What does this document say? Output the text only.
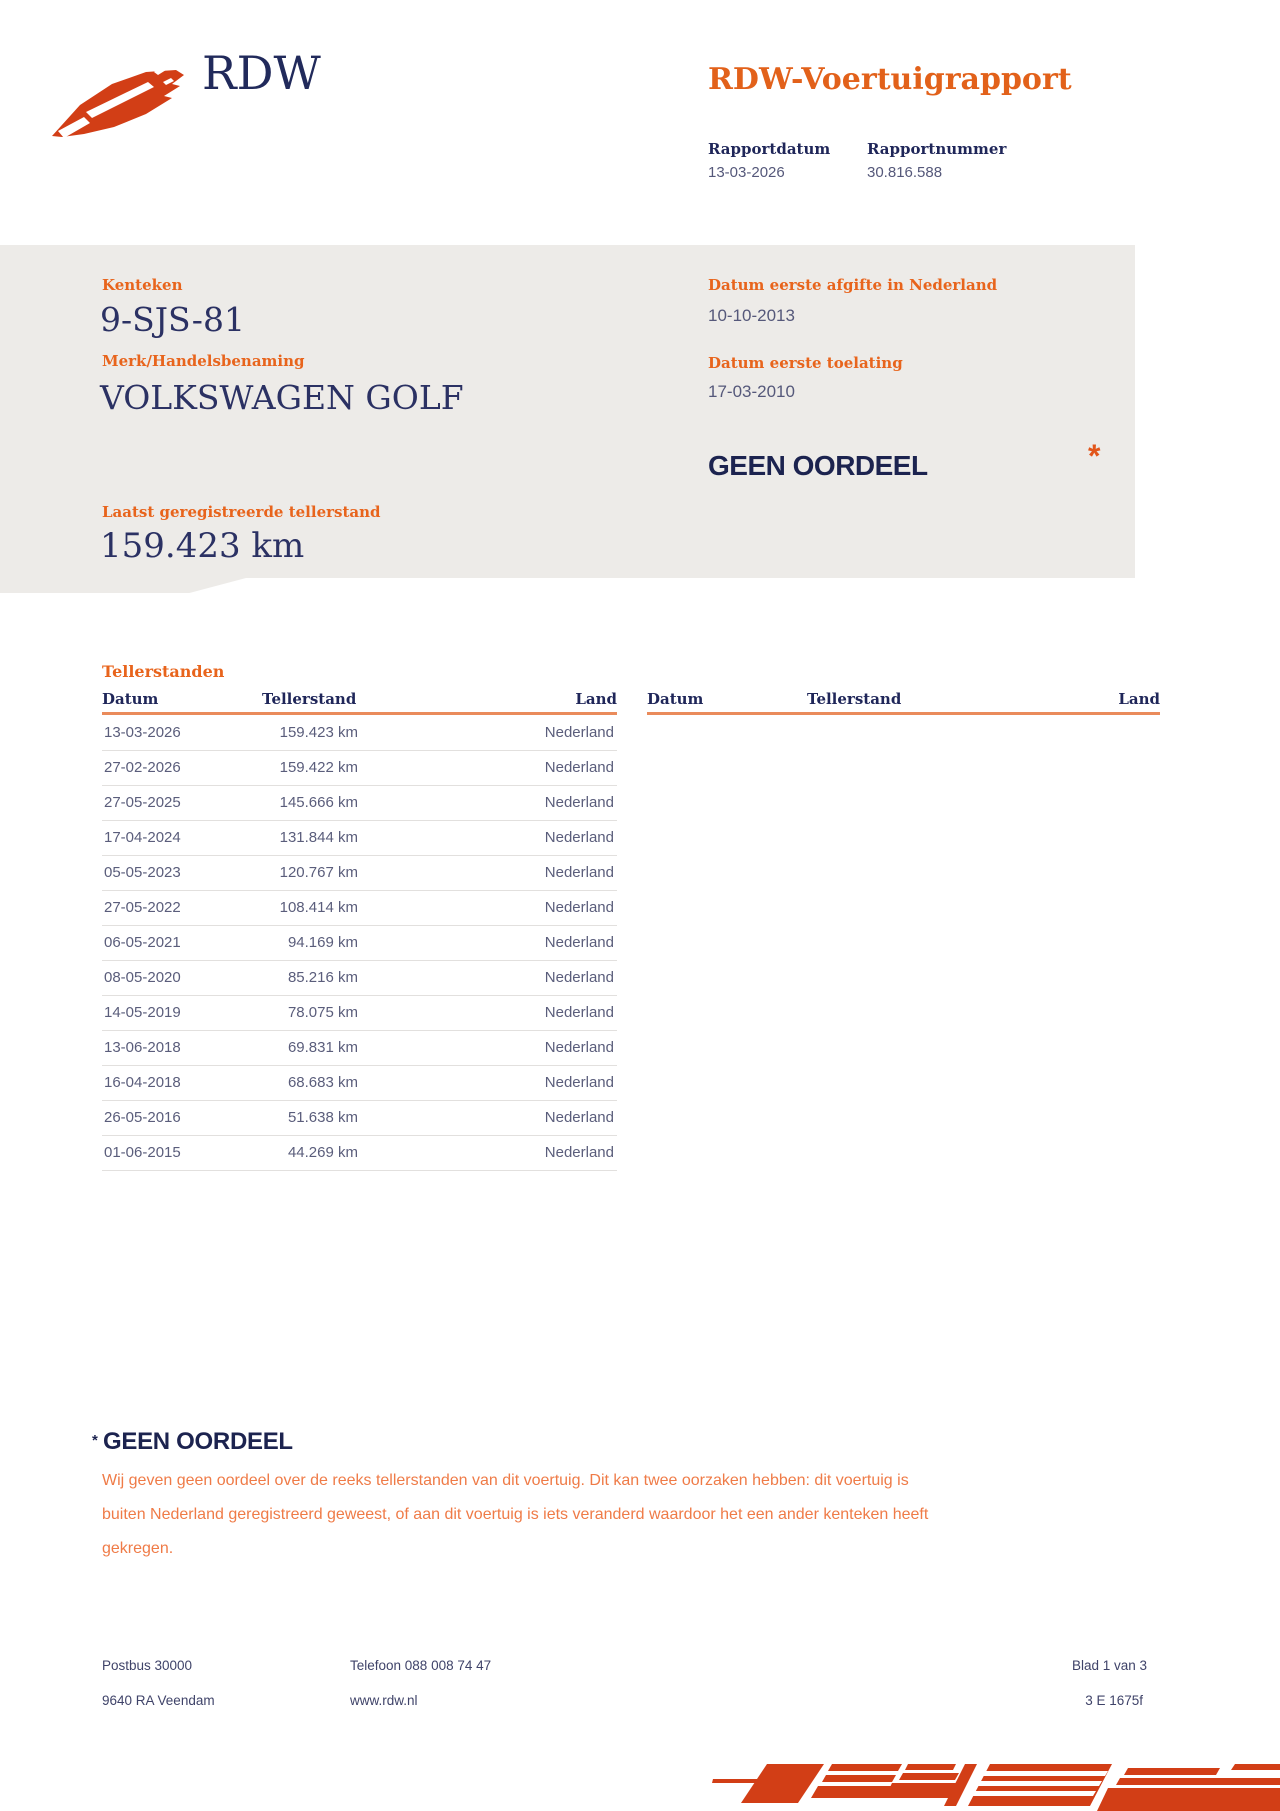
RDW	RDW-Voertuigrapport
Rapportdatum Rapportnummer
13-03-2026	30.816.588
Kenteken
9-SJS-81
Merk/Handelsbenaming
VOLKSWAGEN GOLF
Datum eerste afgifte in Nederland
10-10-2013
Datum eerste toelating
17-03-2010
GEEN OORDEEL	*
Laatst geregistreerde tellerstand
159.423 km
Tellerstanden
Datum	Tellerstand	Land Datum	Tellerstand	Land
13-03-2026	159.423 km	Nederland
27-02-2026	159.422 km	Nederland
27-05-2025	145.666 km	Nederland
17-04-2024	131.844 km	Nederland
05-05-2023	120.767 km	Nederland
27-05-2022	108.414 km	Nederland
06-05-2021	94.169 km	Nederland
08-05-2020	85.216 km	Nederland
14-05-2019	78.075 km	Nederland
13-06-2018	69.831 km	Nederland
16-04-2018	68.683 km	Nederland
26-05-2016	51.638 km	Nederland
01-06-2015	44.269 km	Nederland
* GEEN OORDEEL
Wij geven geen oordeel over de reeks tellerstanden van dit voertuig. Dit kan twee oorzaken hebben: dit voertuig is buiten Nederland geregistreerd geweest, of aan dit voertuig is iets veranderd waardoor het een ander kenteken heeft gekregen.
Postbus 30000
9640 RA Veendam
Telefoon 088 008 74 47
www.rdw.nl
Blad 1 van 3
3 E 1675f
